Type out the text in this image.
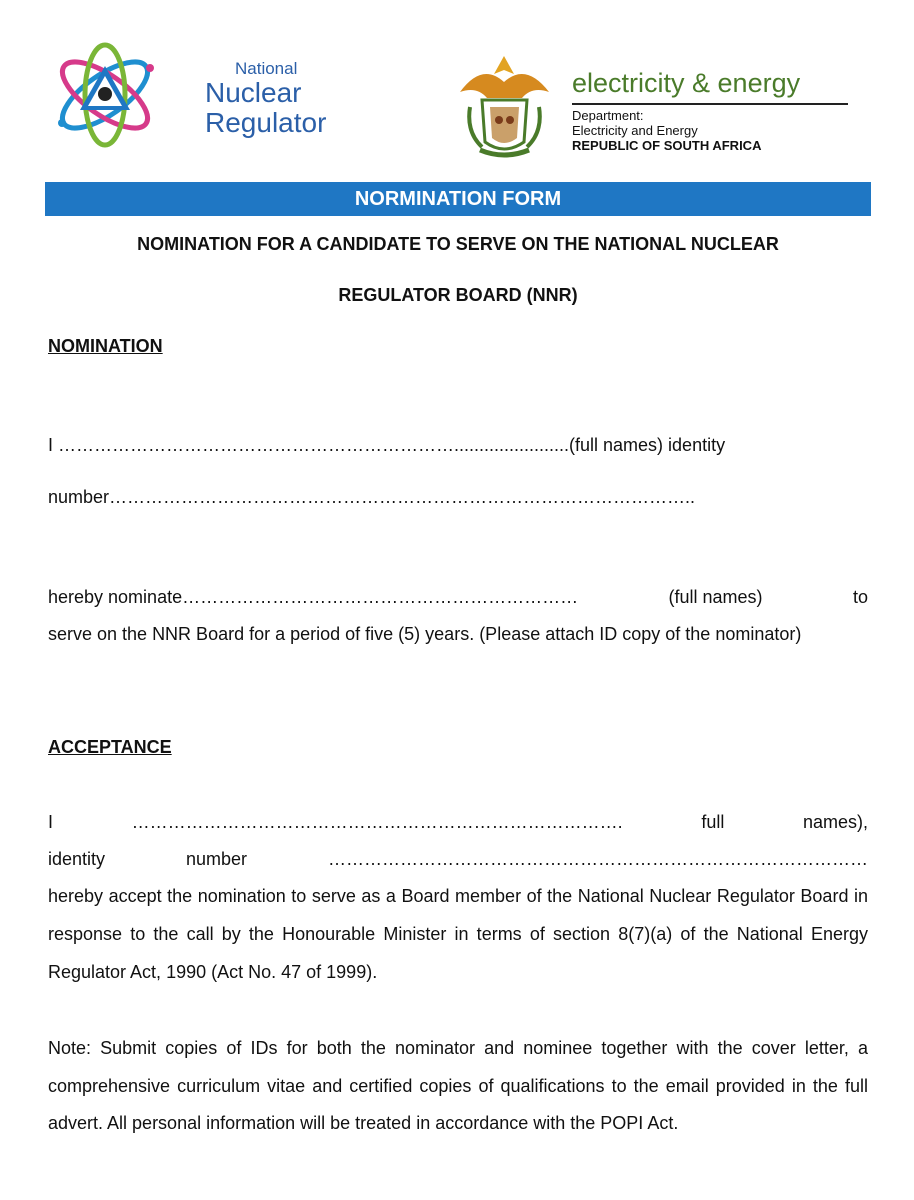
National
Nuclear
Regulator
electricity & energy
Department:
Electricity and Energy
REPUBLIC OF SOUTH AFRICA
NORMINATION FORM
NOMINATION FOR A CANDIDATE TO SERVE ON THE NATIONAL NUCLEAR
REGULATOR BOARD (NNR)
NOMINATION
I ………………………………………………………….......................(full names) identity
number……………………………………………………………………………………..
hereby nominate…………………………………………………………	(full names)	to
serve on the NNR Board for a period of five (5) years. (Please attach ID copy of the nominator)
ACCEPTANCE
I	……………………………………………………………………….	full	names),
identity	number	………………………………………………………………………………
hereby accept the nomination to serve as a Board member of the National Nuclear Regulator Board in response to the call by the Honourable Minister in terms of section 8(7)(a) of the National Energy Regulator Act, 1990 (Act No. 47 of 1999).
Note: Submit copies of IDs for both the nominator and nominee together with the cover letter, a comprehensive curriculum vitae and certified copies of qualifications to the email provided in the full advert. All personal information will be treated in accordance with the POPI Act.
